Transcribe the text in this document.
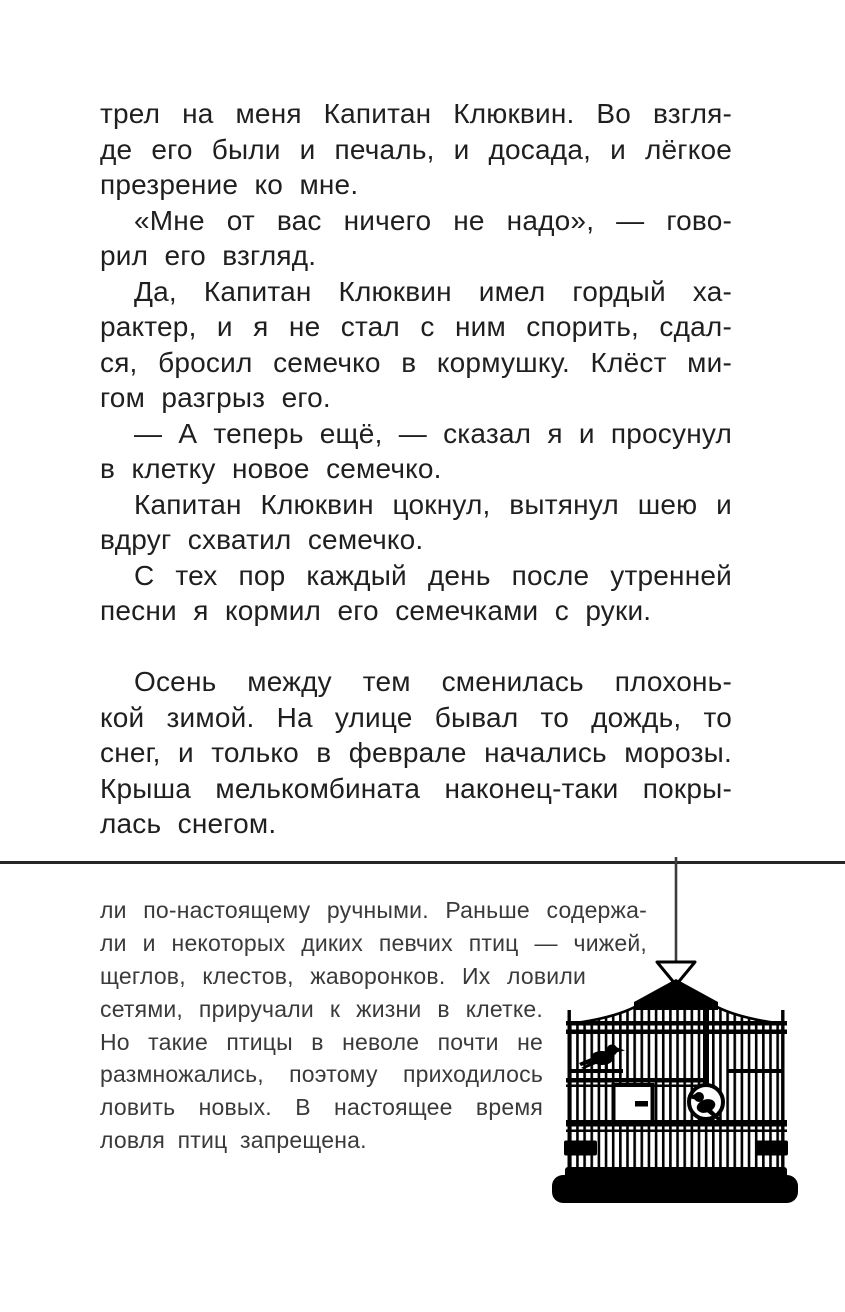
трел на меня Капитан Клюквин. Во взгля-
де его были и печаль, и досада, и лёгкое
презрение ко мне.
«Мне от вас ничего не надо», — гово-
рил его взгляд.
Да, Капитан Клюквин имел гордый ха-
рактер, и я не стал с ним спорить, сдал-
ся, бросил семечко в кормушку. Клёст ми-
гом разгрыз его.
— А теперь ещё, — сказал я и просунул
в клетку новое семечко.
Капитан Клюквин цокнул, вытянул шею и
вдруг схватил семечко.
С тех пор каждый день после утренней
песни я кормил его семечками с руки.
Осень между тем сменилась плохонь-
кой зимой. На улице бывал то дождь, то
снег, и только в феврале начались морозы.
Крыша мелькомбината наконец-таки покры-
лась снегом.
ли по-настоящему ручными. Раньше содержа-
ли и некоторых диких певчих птиц — чижей,
щеглов, клестов, жаворонков. Их ловили
сетями, приручали к жизни в клетке.
Но такие птицы в неволе почти не
размножались, поэтому приходилось
ловить новых. В настоящее время
ловля птиц запрещена.
